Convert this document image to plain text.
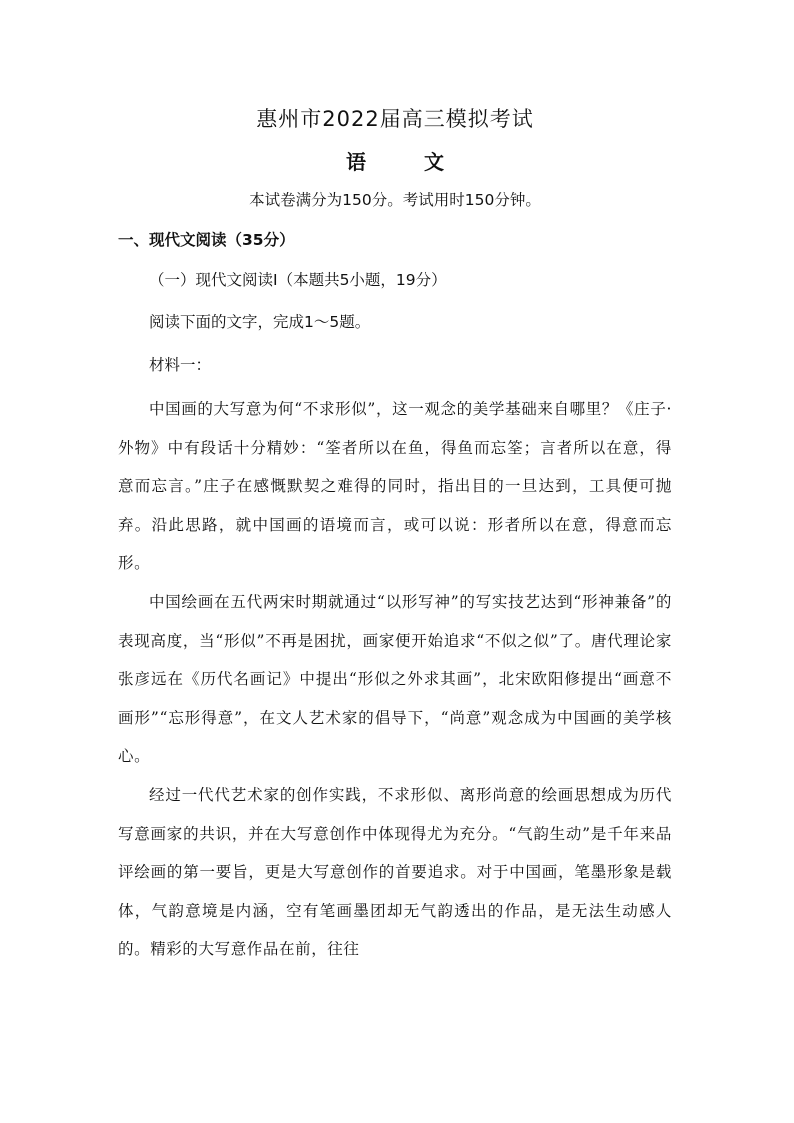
惠州市2022届高三模拟考试
语	文
本试卷满分为150分。考试用时150分钟。
一、现代文阅读（35分）
（一）现代文阅读Ⅰ（本题共5小题，19分）
阅读下面的文字，完成1～5题。
材料一：

中国画的大写意为何“不求形似”，这一观念的美学基础来自哪里？《庄子·外物》中有段话十分精妙：“筌者所以在鱼，得鱼而忘筌；言者所以在意，得意而忘言。”庄子在感慨默契之难得的同时，指出目的一旦达到，工具便可抛弃。沿此思路，就中国画的语境而言，或可以说：形者所以在意，得意而忘形。

中国绘画在五代两宋时期就通过“以形写神”的写实技艺达到“形神兼备”的表现高度，当“形似”不再是困扰，画家便开始追求“不似之似”了。唐代理论家张彦远在《历代名画记》中提出“形似之外求其画”，北宋欧阳修提出“画意不画形”“忘形得意”，在文人艺术家的倡导下，“尚意”观念成为中国画的美学核心。

经过一代代艺术家的创作实践，不求形似、离形尚意的绘画思想成为历代写意画家的共识，并在大写意创作中体现得尤为充分。“气韵生动”是千年来品评绘画的第一要旨，更是大写意创作的首要追求。对于中国画，笔墨形象是载体，气韵意境是内涵，空有笔画墨团却无气韵透出的作品，是无法生动感人的。精彩的大写意作品在前，往往
